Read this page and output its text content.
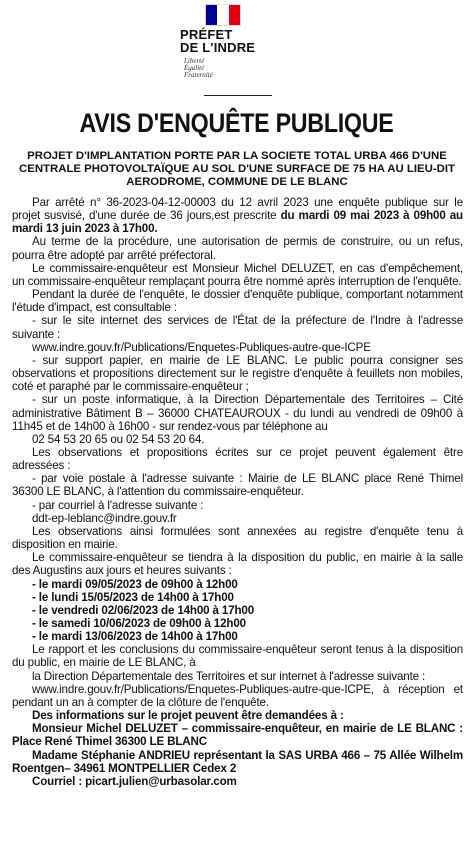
PRÉFET
DE L'INDRE
Liberté
Égalité
Fraternité
AVIS D'ENQUÊTE PUBLIQUE
PROJET D'IMPLANTATION PORTE PAR LA SOCIETE TOTAL URBA 466 D'UNE CENTRALE PHOTOVOLTAÏQUE AU SOL D'UNE SURFACE DE 75 HA AU LIEU-DIT AERODROME, COMMUNE DE LE BLANC

Par arrêté n° 36-2023-04-12-00003 du 12 avril 2023 une enquête publique sur le projet susvisé, d'une durée de 36 jours,est prescrite du mardi 09 mai 2023 à 09h00 au mardi 13 juin 2023 à 17h00.

Au terme de la procédure, une autorisation de permis de construire, ou un refus, pourra être adopté par arrêté préfectoral.

Le commissaire-enquêteur est Monsieur Michel DELUZET, en cas d'empêchement, un commissaire-enquêteur remplaçant pourra être nommé après interruption de l'enquête.

Pendant la durée de l'enquête, le dossier d'enquête publique, comportant notamment l'étude d'impact, est consultable :

- sur le site internet des services de l'État de la préfecture de l'Indre à l'adresse suivante :

www.indre.gouv.fr/Publications/Enquetes-Publiques-autre-que-ICPE

- sur support papier, en mairie de LE BLANC. Le public pourra consigner ses observations et propositions directement sur le registre d'enquête à feuillets non mobiles, coté et paraphé par le commissaire-enquêteur ;

- sur un poste informatique, à la Direction Départementale des Territoires – Cité administrative Bâtiment B – 36000 CHATEAUROUX - du lundi au vendredi de 09h00 à 11h45 et de 14h00 à 16h00 - sur rendez-vous par téléphone au

02 54 53 20 65 ou 02 54 53 20 64.

Les observations et propositions écrites sur ce projet peuvent également être adressées :

- par voie postale à l'adresse suivante : Mairie de LE BLANC place René Thimel 36300 LE BLANC, à l'attention du commissaire-enquêteur.

- par courriel à l'adresse suivante :

ddt-ep-leblanc@indre.gouv.fr

Les observations ainsi formulées sont annexées au registre d'enquête tenu à disposition en mairie.

Le commissaire-enquêteur se tiendra à la disposition du public, en mairie à la salle des Augustins aux jours et heures suivants :

- le mardi 09/05/2023 de 09h00 à 12h00
- le lundi 15/05/2023 de 14h00 à 17h00
- le vendredi 02/06/2023 de 14h00 à 17h00
- le samedi 10/06/2023 de 09h00 à 12h00
- le mardi 13/06/2023 de 14h00 à 17h00

Le rapport et les conclusions du commissaire-enquêteur seront tenus à la disposition du public, en mairie de LE BLANC, à

la Direction Départementale des Territoires et sur internet à l'adresse suivante :

www.indre.gouv.fr/Publications/Enquetes-Publiques-autre-que-ICPE, à réception et pendant un an à compter de la clôture de l'enquête.

Des informations sur le projet peuvent être demandées à :

Monsieur Michel DELUZET – commissaire-enquêteur, en mairie de LE BLANC : Place René Thimel 36300 LE BLANC

Madame Stéphanie ANDRIEU représentant la SAS URBA 466 – 75 Allée Wilhelm Roentgen– 34961 MONTPELLIER Cedex 2

Courriel : picart.julien@urbasolar.com
